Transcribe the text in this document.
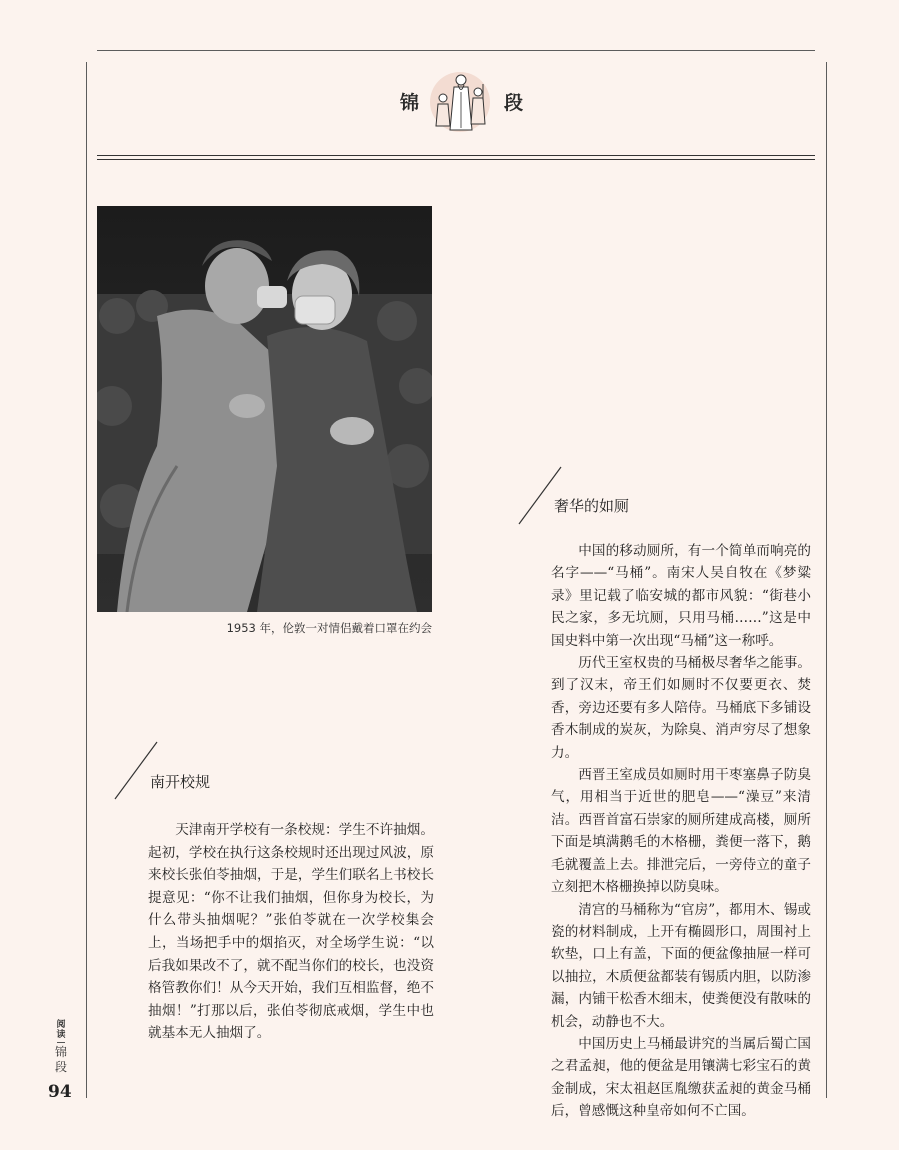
锦	段
1953 年，伦敦一对情侣戴着口罩在约会
奢华的如厕

中国的移动厕所，有一个简单而响亮的名字——“马桶”。南宋人吴自牧在《梦粱录》里记载了临安城的都市风貌：“街巷小民之家，多无坑厕，只用马桶……”这是中国史料中第一次出现“马桶”这一称呼。

历代王室权贵的马桶极尽奢华之能事。到了汉末，帝王们如厕时不仅要更衣、焚香，旁边还要有多人陪侍。马桶底下多铺设香木制成的炭灰，为除臭、消声穷尽了想象力。

西晋王室成员如厕时用干枣塞鼻子防臭气，用相当于近世的肥皂——“澡豆”来清洁。西晋首富石崇家的厕所建成高楼，厕所下面是填满鹅毛的木格栅，粪便一落下，鹅毛就覆盖上去。排泄完后，一旁侍立的童子立刻把木格栅换掉以防臭味。

清宫的马桶称为“官房”，都用木、锡或瓷的材料制成，上开有椭圆形口，周围衬上软垫，口上有盖，下面的便盆像抽屉一样可以抽拉，木质便盆都装有锡质内胆，以防渗漏，内铺干松香木细末，使粪便没有散味的机会，动静也不大。

中国历史上马桶最讲究的当属后蜀亡国之君孟昶，他的便盆是用镶满七彩宝石的黄金制成，宋太祖赵匡胤缴获孟昶的黄金马桶后，曾感慨这种皇帝如何不亡国。

南开校规

天津南开学校有一条校规：学生不许抽烟。起初，学校在执行这条校规时还出现过风波，原来校长张伯苓抽烟，于是，学生们联名上书校长提意见：“你不让我们抽烟，但你身为校长，为什么带头抽烟呢？”张伯苓就在一次学校集会上，当场把手中的烟掐灭，对全场学生说：“以后我如果改不了，就不配当你们的校长，也没资格管教你们！从今天开始，我们互相监督，绝不抽烟！”打那以后，张伯苓彻底戒烟，学生中也就基本无人抽烟了。

阅读
锦段
94
